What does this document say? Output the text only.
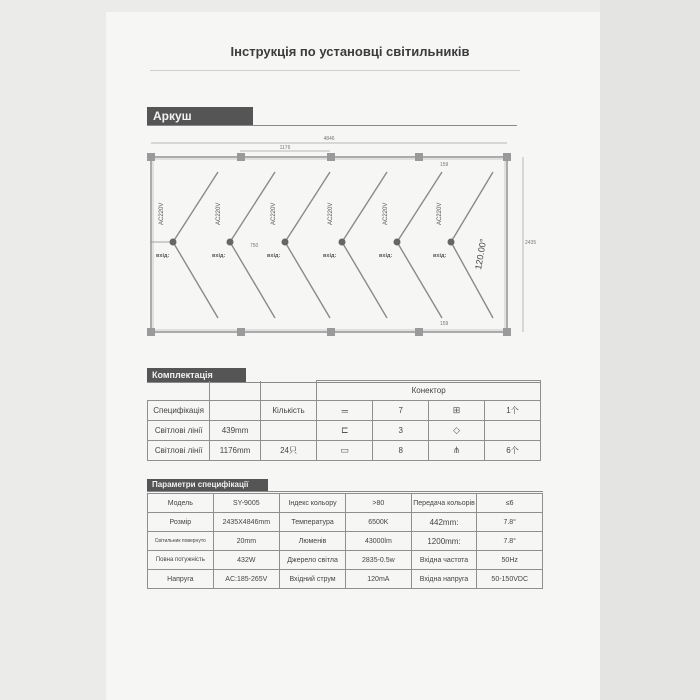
Інструкція по установці світильників
Аркуш
4846
1176
159
159
2435
750	120.00°
AC220V	AC220V	AC220V	AC220V	AC220V	AC220V
вхід:	вхід:	вхід:	вхід:	вхід:	вхід:
Комплектація
			Конектор			
Специфікація		Кількість	═	7	⊞	1个
Світлові лінії	439mm		⊏	3	◇	
Світлові лінії	1176mm	24只	▭	8	⋔	6个
Параметри специфікації
Модель	SY-9005	Індекс кольору	>80	Передача кольорів	≤6
Розмір	2435X4846mm	Температура	6500K	442mm:	7.8°
Світильник повернуто	20mm	Люменів	43000lm	1200mm:	7.8°
Повна потужність	432W	Джерело світла	2835-0.5w	Вхідна частота	50Hz
Напруга	AC:185-265V	Вхідний струм	120mA	Вхідна напруга	50-150VDC
